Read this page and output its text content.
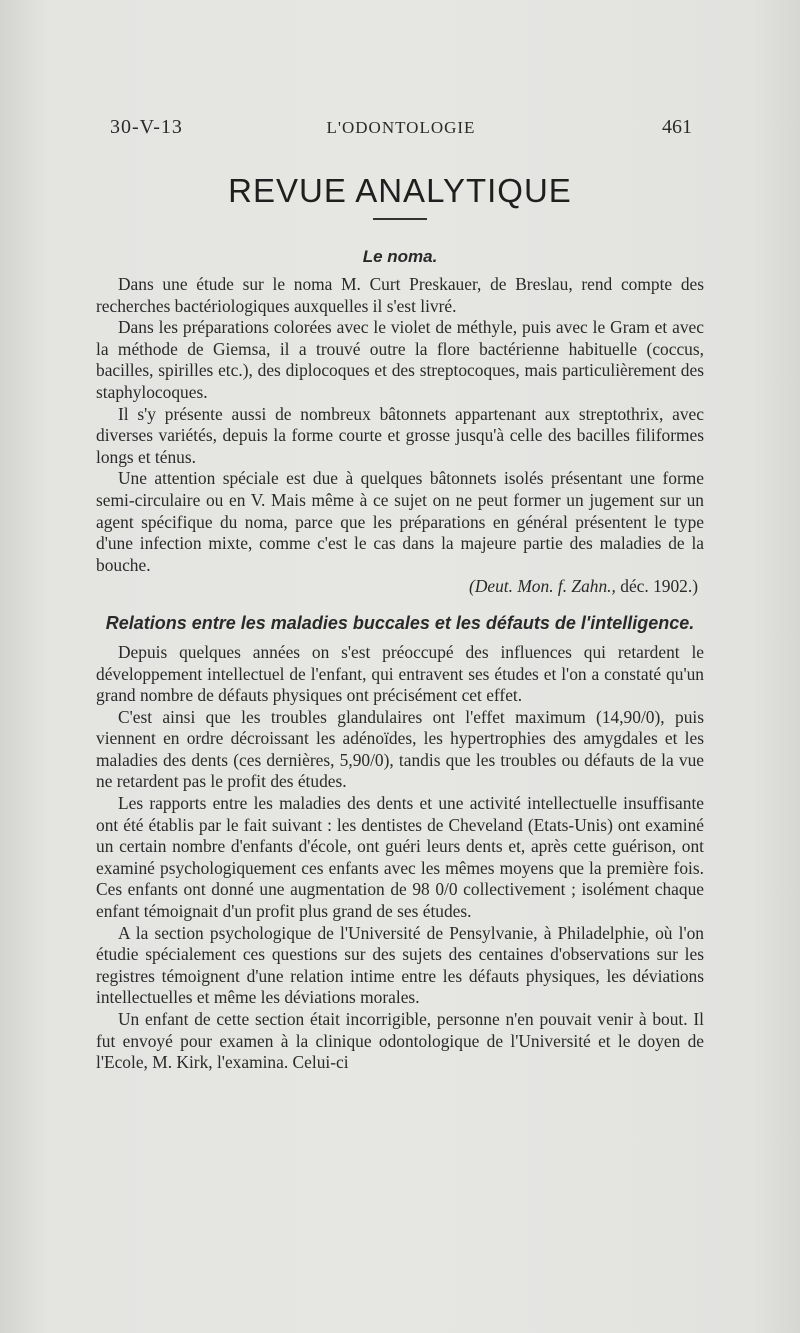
30-V-13	L'ODONTOLOGIE	461
REVUE ANALYTIQUE
Le noma.

Dans une étude sur le noma M. Curt Preskauer, de Breslau, rend compte des recherches bactériologiques auxquelles il s'est livré.

Dans les préparations colorées avec le violet de méthyle, puis avec le Gram et avec la méthode de Giemsa, il a trouvé outre la flore bactérienne habituelle (coccus, bacilles, spirilles etc.), des diplocoques et des streptocoques, mais particulièrement des staphylocoques.

Il s'y présente aussi de nombreux bâtonnets appartenant aux streptothrix, avec diverses variétés, depuis la forme courte et grosse jusqu'à celle des bacilles filiformes longs et ténus.

Une attention spéciale est due à quelques bâtonnets isolés présentant une forme semi-circulaire ou en V. Mais même à ce sujet on ne peut former un jugement sur un agent spécifique du noma, parce que les préparations en général présentent le type d'une infection mixte, comme c'est le cas dans la majeure partie des maladies de la bouche.

(Deut. Mon. f. Zahn., déc. 1902.)

Relations entre les maladies buccales et les défauts de l'intelligence.

Depuis quelques années on s'est préoccupé des influences qui retardent le développement intellectuel de l'enfant, qui entravent ses études et l'on a constaté qu'un grand nombre de défauts physiques ont précisément cet effet.

C'est ainsi que les troubles glandulaires ont l'effet maximum (14,90/0), puis viennent en ordre décroissant les adénoïdes, les hypertrophies des amygdales et les maladies des dents (ces dernières, 5,90/0), tandis que les troubles ou défauts de la vue ne retardent pas le profit des études.

Les rapports entre les maladies des dents et une activité intellectuelle insuffisante ont été établis par le fait suivant : les dentistes de Cheveland (Etats-Unis) ont examiné un certain nombre d'enfants d'école, ont guéri leurs dents et, après cette guérison, ont examiné psychologiquement ces enfants avec les mêmes moyens que la première fois. Ces enfants ont donné une augmentation de 98 0/0 collectivement ; isolément chaque enfant témoignait d'un profit plus grand de ses études.

A la section psychologique de l'Université de Pensylvanie, à Philadelphie, où l'on étudie spécialement ces questions sur des sujets des centaines d'observations sur les registres témoignent d'une relation intime entre les défauts physiques, les déviations intellectuelles et même les déviations morales.

Un enfant de cette section était incorrigible, personne n'en pouvait venir à bout. Il fut envoyé pour examen à la clinique odontologique de l'Université et le doyen de l'Ecole, M. Kirk, l'examina. Celui-ci
